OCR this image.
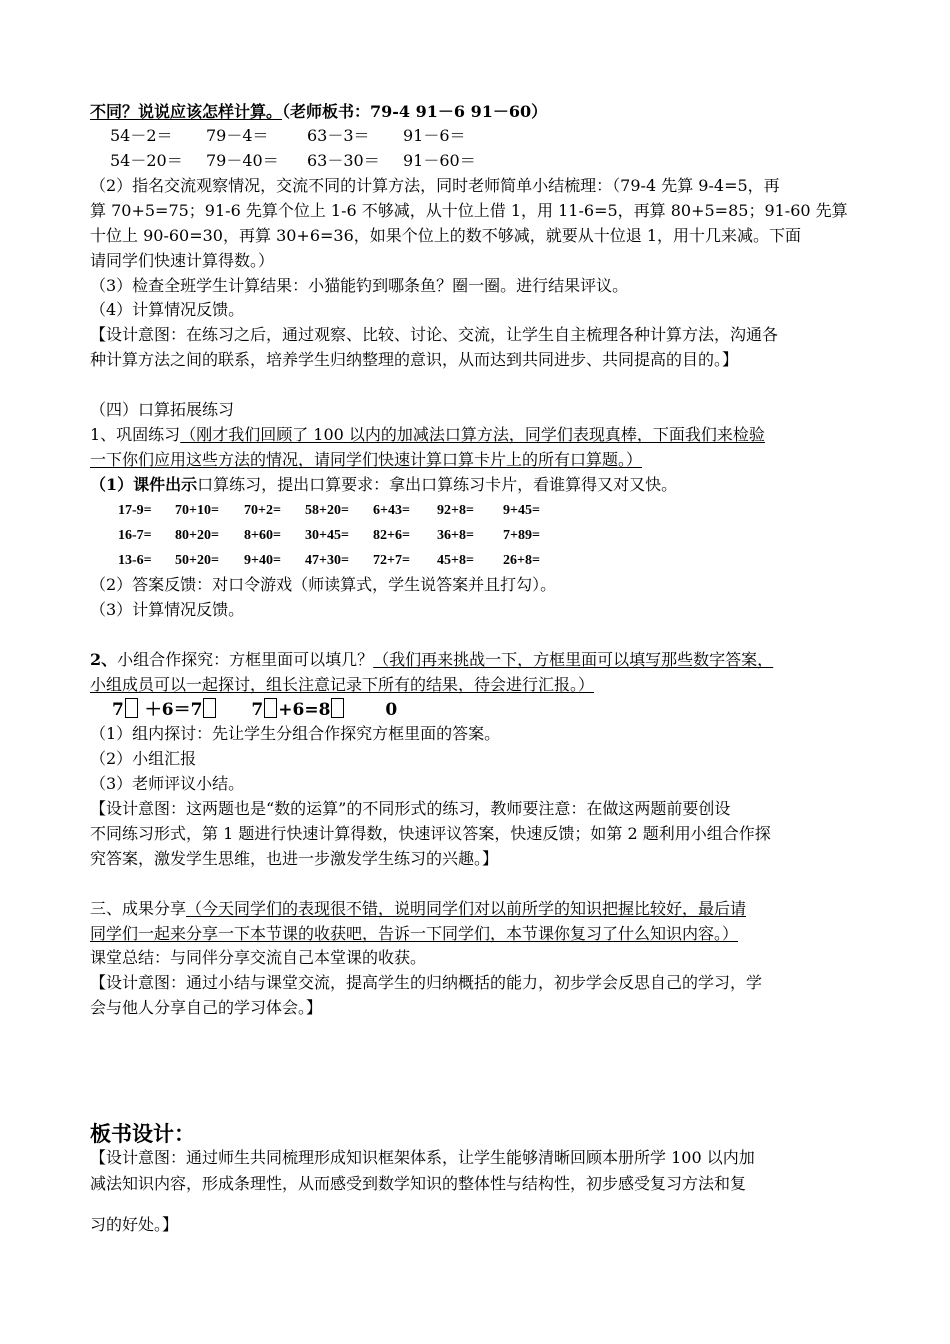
不同？说说应该怎样计算。（老师板书：79-4 91－6 91－60）
54－2＝ 79－4＝ 63－3＝ 91－6＝
54－20＝ 79－40＝ 63－30＝ 91－60＝
（2）指名交流观察情况，交流不同的计算方法，同时老师简单小结梳理：（79-4 先算 9-4=5，再
算 70+5=75；91-6 先算个位上 1-6 不够减，从十位上借 1，用 11-6=5，再算 80+5=85；91-60 先算
十位上 90-60=30，再算 30+6=36，如果个位上的数不够减，就要从十位退 1，用十几来减。下面
请同学们快速计算得数。）
（3）检查全班学生计算结果：小猫能钓到哪条鱼？圈一圈。进行结果评议。
（4）计算情况反馈。
【设计意图：在练习之后，通过观察、比较、讨论、交流，让学生自主梳理各种计算方法，沟通各
种计算方法之间的联系，培养学生归纳整理的意识，从而达到共同进步、共同提高的目的。】
（四）口算拓展练习
1、巩固练习（刚才我们回顾了 100 以内的加减法口算方法，同学们表现真棒，下面我们来检验
一下你们应用这些方法的情况，请同学们快速计算口算卡片上的所有口算题。）
（1）课件出示口算练习，提出口算要求：拿出口算练习卡片，看谁算得又对又快。
17-9= 70+10= 70+2= 58+20= 6+43= 92+8= 9+45=
16-7= 80+20= 8+60= 30+45= 82+6= 36+8= 7+89=
13-6= 50+20= 9+40= 47+30= 72+7= 45+8= 26+8=
（2）答案反馈：对口令游戏（师读算式，学生说答案并且打勾）。
（3）计算情况反馈。
2、小组合作探究：方框里面可以填几？（我们再来挑战一下，方框里面可以填写那些数字答案，
小组成员可以一起探讨，组长注意记录下所有的结果，待会进行汇报。）
7 ＋6＝7	7 +6=8	0
（1）组内探讨：先让学生分组合作探究方框里面的答案。
（2）小组汇报
（3）老师评议小结。
【设计意图：这两题也是“数的运算”的不同形式的练习，教师要注意：在做这两题前要创设
不同练习形式，第 1 题进行快速计算得数，快速评议答案，快速反馈；如第 2 题利用小组合作探
究答案，激发学生思维，也进一步激发学生练习的兴趣。】
三、成果分享（今天同学们的表现很不错，说明同学们对以前所学的知识把握比较好，最后请
同学们一起来分享一下本节课的收获吧，告诉一下同学们，本节课你复习了什么知识内容。）
课堂总结：与同伴分享交流自己本堂课的收获。
【设计意图：通过小结与课堂交流，提高学生的归纳概括的能力，初步学会反思自己的学习，学
会与他人分享自己的学习体会。】
板书设计：
【设计意图：通过师生共同梳理形成知识框架体系，让学生能够清晰回顾本册所学 100 以内加
减法知识内容，形成条理性，从而感受到数学知识的整体性与结构性，初步感受复习方法和复
习的好处。】
